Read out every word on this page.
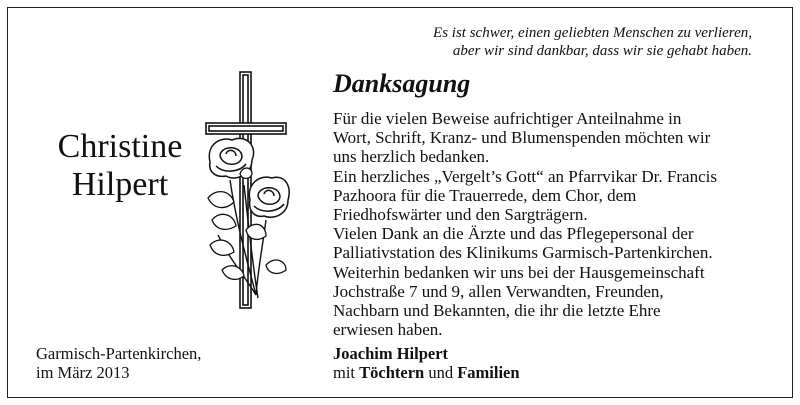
Es ist schwer, einen geliebten Menschen zu verlieren,
aber wir sind dankbar, dass wir sie gehabt haben.
Christine
Hilpert
Danksagung
Für die vielen Beweise aufrichtiger Anteilnahme in
Wort, Schrift, Kranz- und Blumenspenden möchten wir
uns herzlich bedanken.
Ein herzliches „Vergelt’s Gott“ an Pfarrvikar Dr. Francis
Pazhoora für die Trauerrede, dem Chor, dem
Friedhofswärter und den Sargträgern.
Vielen Dank an die Ärzte und das Pflegepersonal der
Palliativstation des Klinikums Garmisch-Partenkirchen.
Weiterhin bedanken wir uns bei der Hausgemeinschaft
Jochstraße 7 und 9, allen Verwandten, Freunden,
Nachbarn und Bekannten, die ihr die letzte Ehre
erwiesen haben.
Garmisch-Partenkirchen,
im März 2013
Joachim Hilpert
mit Töchtern und Familien
